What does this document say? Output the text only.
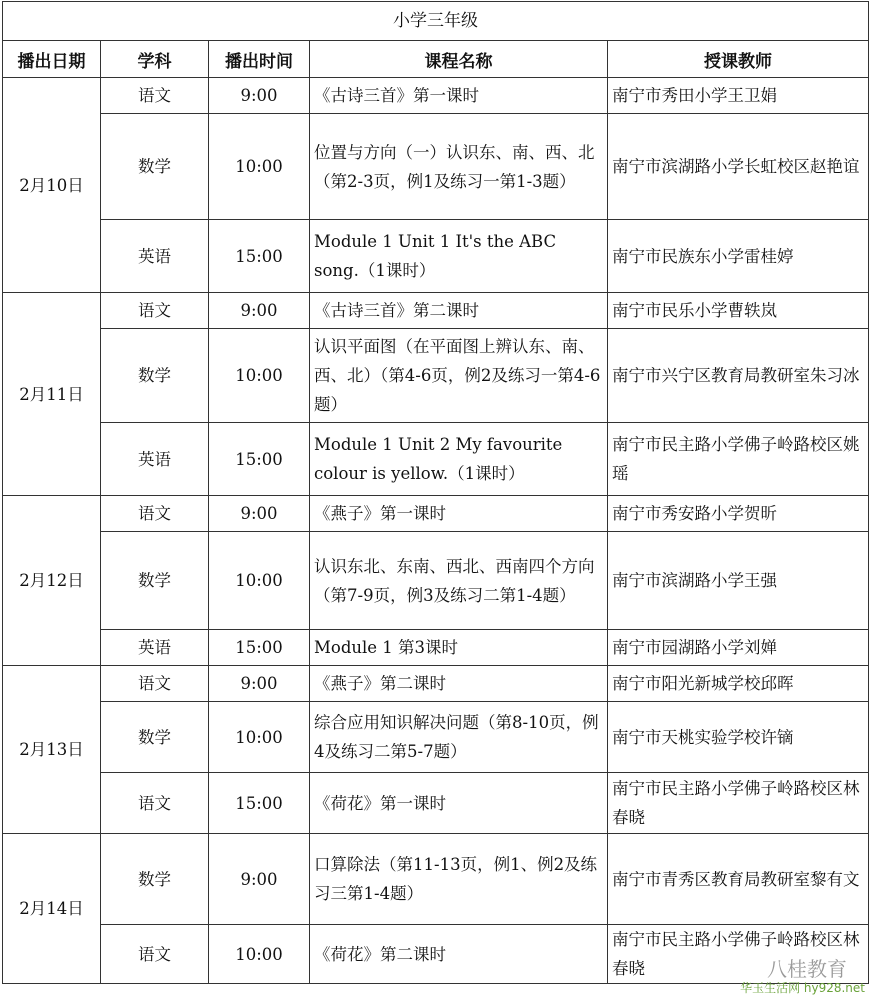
小学三年级				
播出日期	学科	播出时间	课程名称	授课教师
2月10日	语文	9:00	《古诗三首》第一课时	南宁市秀田小学王卫娟
	数学	10:00	位置与方向（一）认识东、南、西、北（第2-3页，例1及练习一第1-3题）	南宁市滨湖路小学长虹校区赵艳谊
	英语	15:00	Module 1 Unit 1 It's the ABC song.（1课时）	南宁市民族东小学雷桂婷
2月11日	语文	9:00	《古诗三首》第二课时	南宁市民乐小学曹轶岚
	数学	10:00	认识平面图（在平面图上辨认东、南、西、北）（第4-6页，例2及练习一第4-6题）	南宁市兴宁区教育局教研室朱习冰
	英语	15:00	Module 1 Unit 2 My favourite colour is yellow.（1课时）	南宁市民主路小学佛子岭路校区姚瑶
2月12日	语文	9:00	《燕子》第一课时	南宁市秀安路小学贺昕
	数学	10:00	认识东北、东南、西北、西南四个方向（第7-9页，例3及练习二第1-4题）	南宁市滨湖路小学王强
	英语	15:00	Module 1 第3课时	南宁市园湖路小学刘婵
2月13日	语文	9:00	《燕子》第二课时	南宁市阳光新城学校邱晖
	数学	10:00	综合应用知识解决问题（第8-10页，例4及练习二第5-7题）	南宁市天桃实验学校许镝
	语文	15:00	《荷花》第一课时	南宁市民主路小学佛子岭路校区林春晓
2月14日	数学	9:00	口算除法（第11-13页，例1、例2及练习三第1-4题）	南宁市青秀区教育局教研室黎有文
	语文	10:00	《荷花》第二课时	南宁市民主路小学佛子岭路校区林春晓	八桂教育
华玉生活网 hy928.net
